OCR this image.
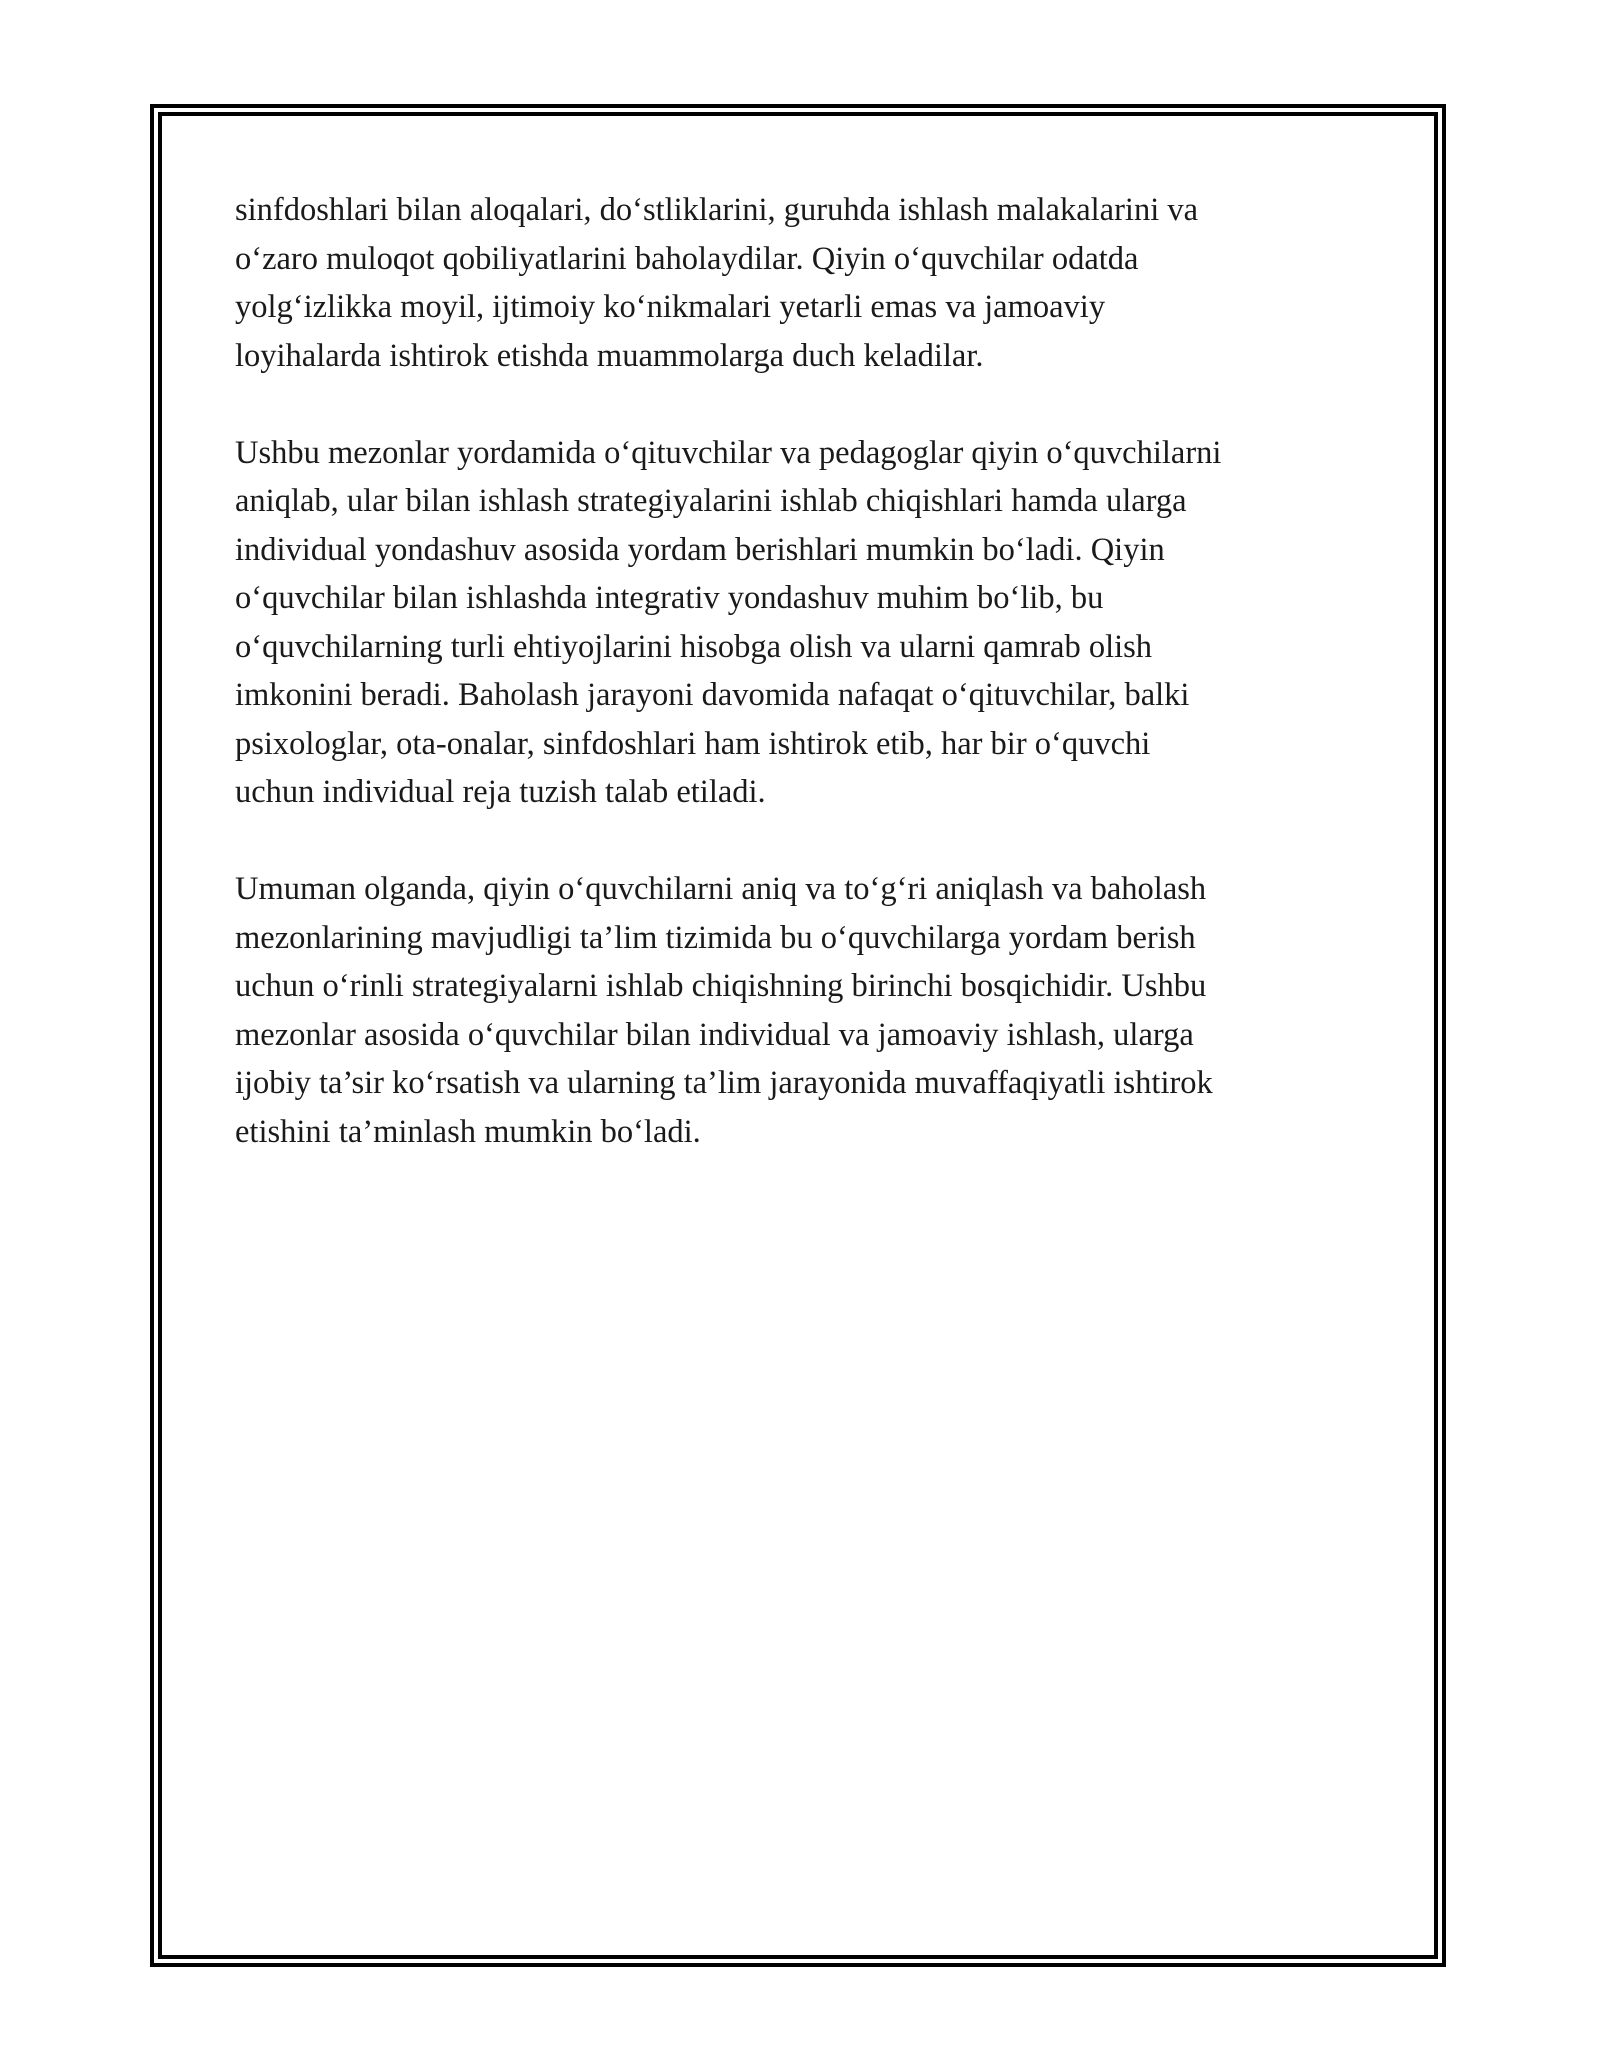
sinfdoshlari bilan aloqalari, do‘stliklarini, guruhda ishlash malakalarini va
o‘zaro muloqot qobiliyatlarini baholaydilar. Qiyin o‘quvchilar odatda
yolg‘izlikka moyil, ijtimoiy ko‘nikmalari yetarli emas va jamoaviy
loyihalarda ishtirok etishda muammolarga duch keladilar.

Ushbu mezonlar yordamida o‘qituvchilar va pedagoglar qiyin o‘quvchilarni
aniqlab, ular bilan ishlash strategiyalarini ishlab chiqishlari hamda ularga
individual yondashuv asosida yordam berishlari mumkin bo‘ladi. Qiyin
o‘quvchilar bilan ishlashda integrativ yondashuv muhim bo‘lib, bu
o‘quvchilarning turli ehtiyojlarini hisobga olish va ularni qamrab olish
imkonini beradi. Baholash jarayoni davomida nafaqat o‘qituvchilar, balki
psixologlar, ota-onalar, sinfdoshlari ham ishtirok etib, har bir o‘quvchi
uchun individual reja tuzish talab etiladi.

Umuman olganda, qiyin o‘quvchilarni aniq va to‘g‘ri aniqlash va baholash
mezonlarining mavjudligi ta’lim tizimida bu o‘quvchilarga yordam berish
uchun o‘rinli strategiyalarni ishlab chiqishning birinchi bosqichidir. Ushbu
mezonlar asosida o‘quvchilar bilan individual va jamoaviy ishlash, ularga
ijobiy ta’sir ko‘rsatish va ularning ta’lim jarayonida muvaffaqiyatli ishtirok
etishini ta’minlash mumkin bo‘ladi.
